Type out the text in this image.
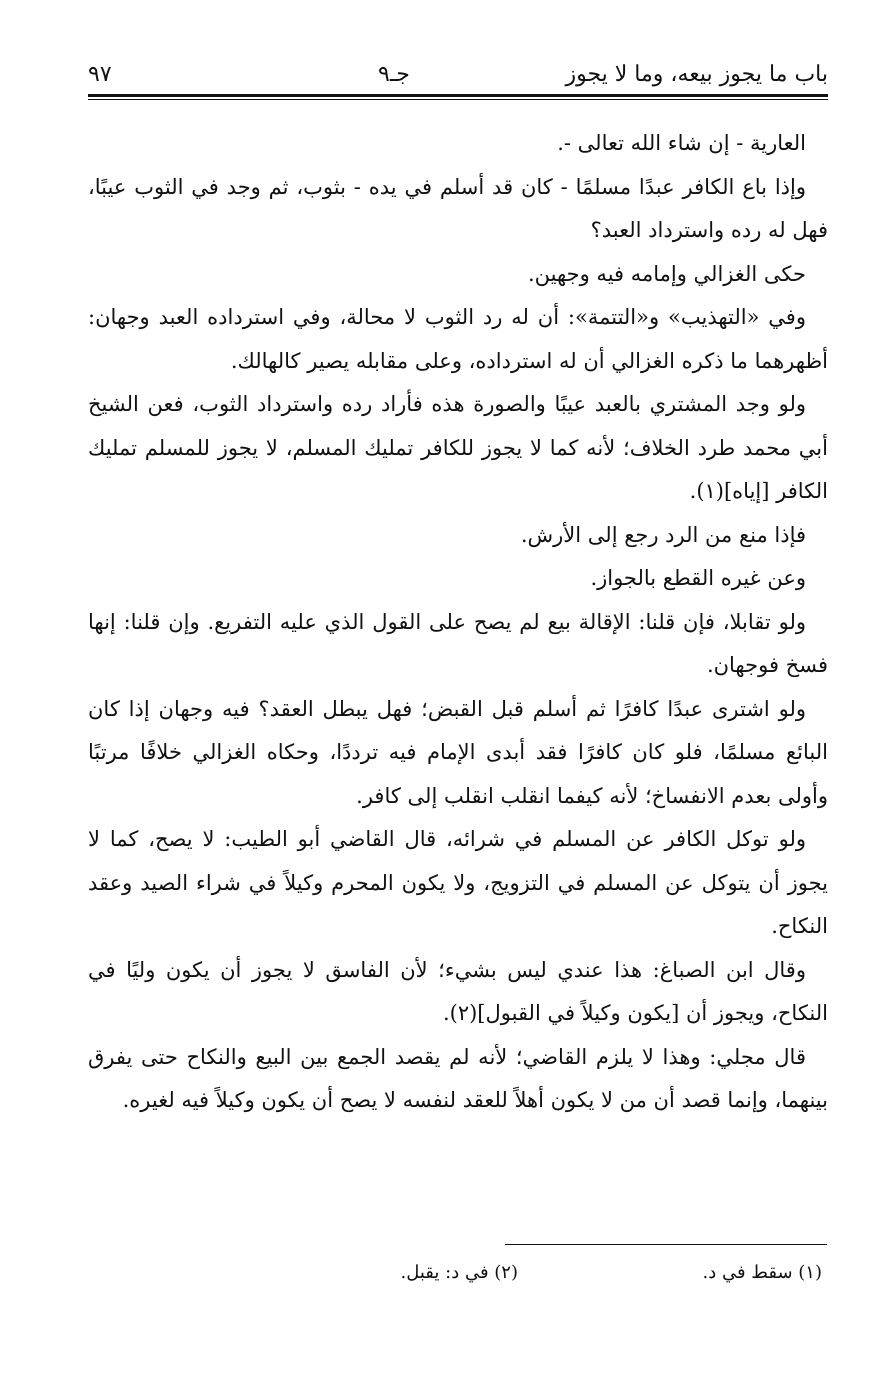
باب ما يجوز بيعه، وما لا يجوز
جـ٩
٩٧

العارية - إن شاء الله تعالى -.

وإذا باع الكافر عبدًا مسلمًا - كان قد أسلم في يده - بثوب، ثم وجد في الثوب عيبًا، فهل له رده واسترداد العبد؟

حكى الغزالي وإمامه فيه وجهين.

وفي «التهذيب» و«التتمة»: أن له رد الثوب لا محالة، وفي استرداده العبد وجهان: أظهرهما ما ذكره الغزالي أن له استرداده، وعلى مقابله يصير كالهالك.

ولو وجد المشتري بالعبد عيبًا والصورة هذه فأراد رده واسترداد الثوب، فعن الشيخ أبي محمد طرد الخلاف؛ لأنه كما لا يجوز للكافر تمليك المسلم، لا يجوز للمسلم تمليك الكافر [إياه](١).

فإذا منع من الرد رجع إلى الأرش.

وعن غيره القطع بالجواز.

ولو تقابلا، فإن قلنا: الإقالة بيع لم يصح على القول الذي عليه التفريع. وإن قلنا: إنها فسخ فوجهان.

ولو اشترى عبدًا كافرًا ثم أسلم قبل القبض؛ فهل يبطل العقد؟ فيه وجهان إذا كان البائع مسلمًا، فلو كان كافرًا فقد أبدى الإمام فيه ترددًا، وحكاه الغزالي خلافًا مرتبًا وأولى بعدم الانفساخ؛ لأنه كيفما انقلب انقلب إلى كافر.

ولو توكل الكافر عن المسلم في شرائه، قال القاضي أبو الطيب: لا يصح، كما لا يجوز أن يتوكل عن المسلم في التزويج، ولا يكون المحرم وكيلاً في شراء الصيد وعقد النكاح.

وقال ابن الصباغ: هذا عندي ليس بشيء؛ لأن الفاسق لا يجوز أن يكون وليًا في النكاح، ويجوز أن [يكون وكيلاً في القبول](٢).

قال مجلي: وهذا لا يلزم القاضي؛ لأنه لم يقصد الجمع بين البيع والنكاح حتى يفرق بينهما، وإنما قصد أن من لا يكون أهلاً للعقد لنفسه لا يصح أن يكون وكيلاً فيه لغيره.

(١) سقط في د.
(٢) في د: يقبل.
